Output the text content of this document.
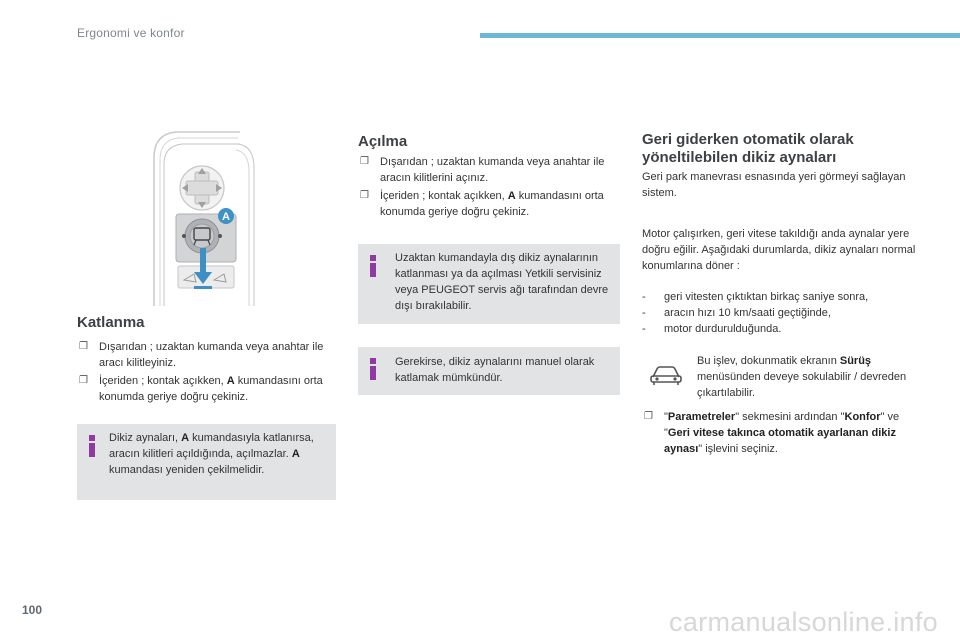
Ergonomi ve konfor
A
Katlanma
❐ Dışarıdan ; uzaktan kumanda veya anahtar ile aracı kilitleyiniz.
❐ İçeriden ; kontak açıkken, A kumandasını orta konumda geriye doğru çekiniz.
Dikiz aynaları, A kumandasıyla katlanırsa, aracın kilitleri açıldığında, açılmazlar. A kumandası yeniden çekilmelidir.
Açılma
❐ Dışarıdan ; uzaktan kumanda veya anahtar ile aracın kilitlerini açınız.
❐ İçeriden ; kontak açıkken, A kumandasını orta konumda geriye doğru çekiniz.
Uzaktan kumandayla dış dikiz aynalarının katlanması ya da açılması Yetkili servisiniz veya PEUGEOT servis ağı tarafından devre dışı bırakılabilir.
Gerekirse, dikiz aynalarını manuel olarak katlamak mümkündür.
Geri giderken otomatik olarak
yöneltilebilen dikiz aynaları
Geri park manevrası esnasında yeri görmeyi sağlayan sistem.
Motor çalışırken, geri vitese takıldığı anda aynalar yere doğru eğilir. Aşağıdaki durumlarda, dikiz aynaları normal konumlarına döner :
- geri vitesten çıktıktan birkaç saniye sonra,
- aracın hızı 10 km/saati geçtiğinde,
- motor durdurulduğunda.
Bu işlev, dokunmatik ekranın Sürüş menüsünden deveye sokulabilir / devreden çıkartılabilir.
❐ "Parametreler" sekmesini ardından "Konfor" ve "Geri vitese takınca otomatik ayarlanan dikiz aynası" işlevini seçiniz.
100	carmanualsonline.info
